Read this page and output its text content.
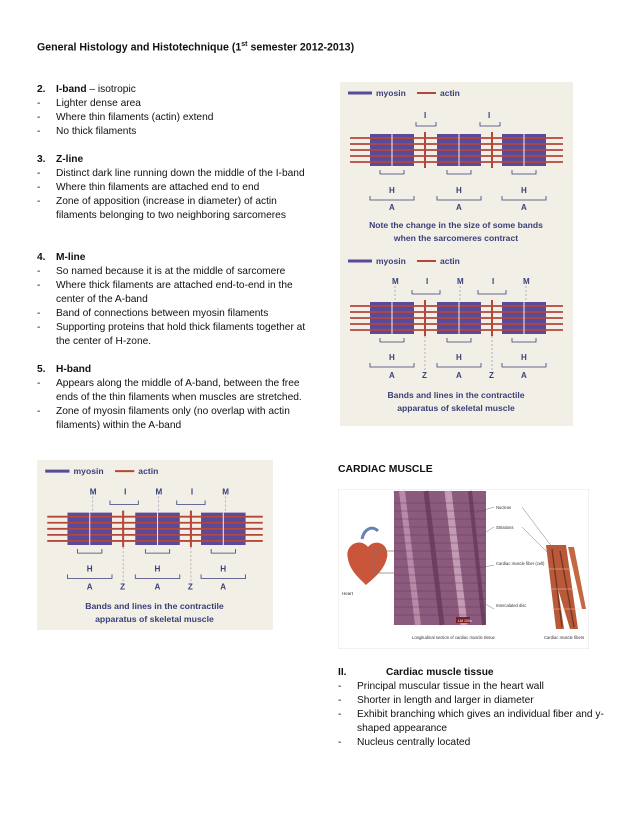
General Histology and Histotechnique (1st semester 2012-2013)
2. I-band – isotropic
- Lighter dense area
- Where thin filaments (actin) extend
- No thick filaments
3. Z-line
- Distinct dark line running down the middle of the I-band
- Where thin filaments are attached end to end
- Zone of apposition (increase in diameter) of actin filaments belonging to two neighboring sarcomeres
4. M-line
- So named because it is at the middle of sarcomere
- Where thick filaments are attached end-to-end in the center of the A-band
- Band of connections between myosin filaments
- Supporting proteins that hold thick filaments together at the center of H-zone.
5. H-band
- Appears along the middle of A-band, between the free ends of the thin filaments when muscles are stretched.
- Zone of myosin filaments only (no overlap with actin filaments) within the A-band
myosin	actin
I	I
H	H	H
A	A	A
Note the change in the size of some bands
when the sarcomeres contract
myosin	actin
M	I	M	I	M
H	H	H
A	Z	A	Z	A
Bands and lines in the contractile
apparatus of skeletal muscle
myosin	actin
M	I	M	I	M
H	H	H
A	Z	A	Z	A
Bands and lines in the contractile
apparatus of skeletal muscle
CARDIAC MUSCLE
Heart
LM 100x
Nucleus
Striations
Cardiac muscle fiber (cell)
Intercalated disc
Longitudinal section of cardiac muscle tissue	Cardiac muscle fibers
II.	Cardiac muscle tissue
- Principal muscular tissue in the heart wall
- Shorter in length and larger in diameter
- Exhibit branching which gives an individual fiber and y-shaped appearance
- Nucleus centrally located
